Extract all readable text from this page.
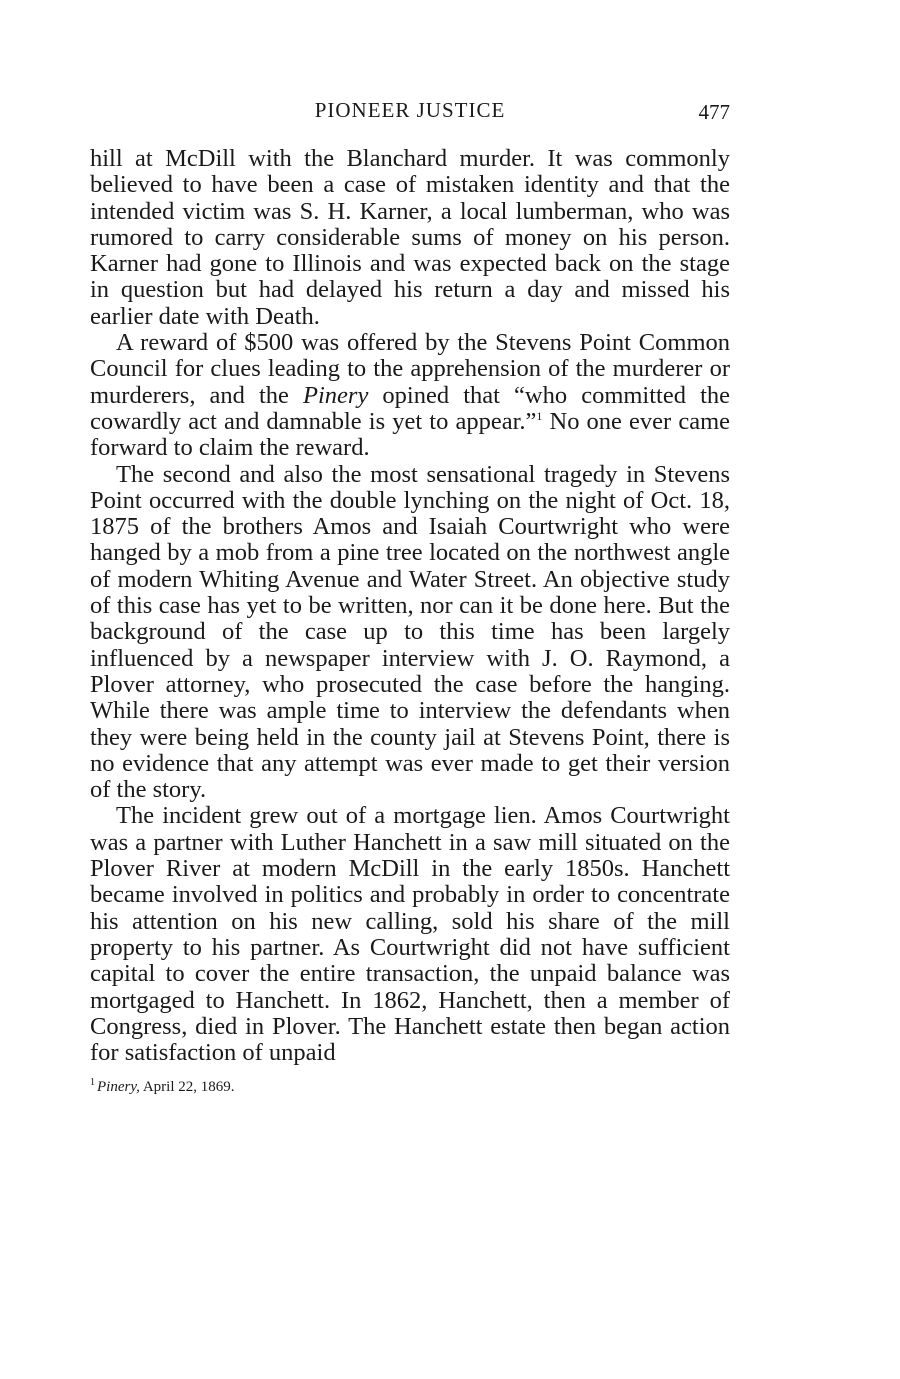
PIONEER JUSTICE	477

hill at McDill with the Blanchard murder. It was commonly believed to have been a case of mistaken identity and that the intended victim was S. H. Karner, a local lumberman, who was rumored to carry considerable sums of money on his person. Karner had gone to Illinois and was expected back on the stage in question but had delayed his return a day and missed his earlier date with Death.

A reward of $500 was offered by the Stevens Point Common Council for clues leading to the apprehension of the murderer or murderers, and the Pinery opined that “who committed the cowardly act and damnable is yet to appear.”$^1$ No one ever came forward to claim the reward.

The second and also the most sensational tragedy in Stevens Point occurred with the double lynching on the night of Oct. 18, 1875 of the brothers Amos and Isaiah Courtwright who were hanged by a mob from a pine tree located on the northwest angle of modern Whiting Avenue and Water Street. An objective study of this case has yet to be written, nor can it be done here. But the background of the case up to this time has been largely influenced by a newspaper interview with J. O. Raymond, a Plover attorney, who prosecuted the case before the hanging. While there was ample time to interview the defendants when they were being held in the county jail at Stevens Point, there is no evidence that any attempt was ever made to get their version of the story.

The incident grew out of a mortgage lien. Amos Courtwright was a partner with Luther Hanchett in a saw mill situated on the Plover River at modern McDill in the early 1850s. Hanchett became involved in politics and probably in order to concentrate his attention on his new calling, sold his share of the mill property to his partner. As Courtwright did not have sufficient capital to cover the entire transaction, the unpaid balance was mortgaged to Hanchett. In 1862, Hanchett, then a member of Congress, died in Plover. The Hanchett estate then began action for satisfaction of unpaid

$^1$ Pinery, April 22, 1869.
